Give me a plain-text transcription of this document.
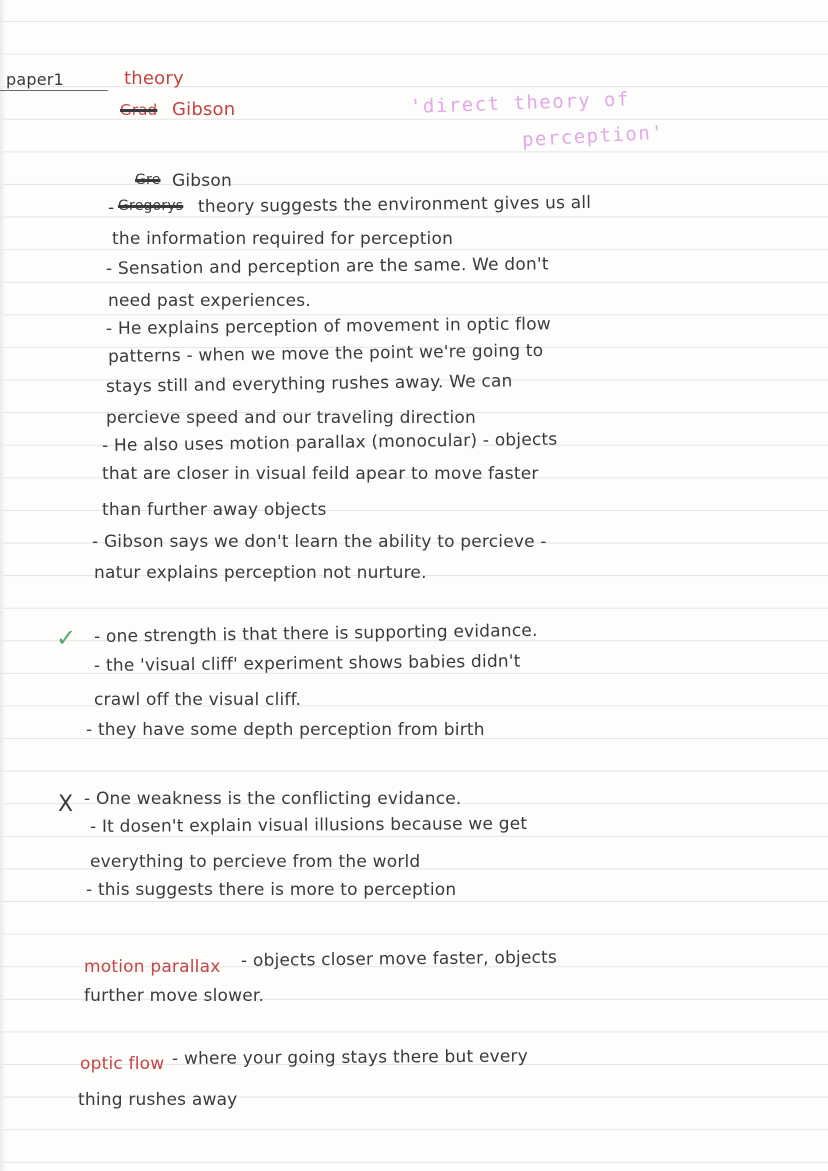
paper1	theory
Grad Gibson	'direct theory of
perception'
Gre Gibson
- Gregorys theory suggests the environment gives us all
the information required for perception
- Sensation and perception are the same. We don't
need past experiences.
- He explains perception of movement in optic flow
patterns - when we move the point we're going to
stays still and everything rushes away. We can
percieve speed and our traveling direction
- He also uses motion parallax (monocular) - objects
that are closer in visual feild apear to move faster
than further away objects
- Gibson says we don't learn the ability to percieve -
natur explains perception not nurture.
✓ - one strength is that there is supporting evidance.
- the 'visual cliff' experiment shows babies didn't
crawl off the visual cliff.
- they have some depth perception from birth
X - One weakness is the conflicting evidance.
- It dosen't explain visual illusions because we get
everything to percieve from the world
- this suggests there is more to perception
motion parallax - objects closer move faster, objects
further move slower.
optic flow - where your going stays there but every
thing rushes away
